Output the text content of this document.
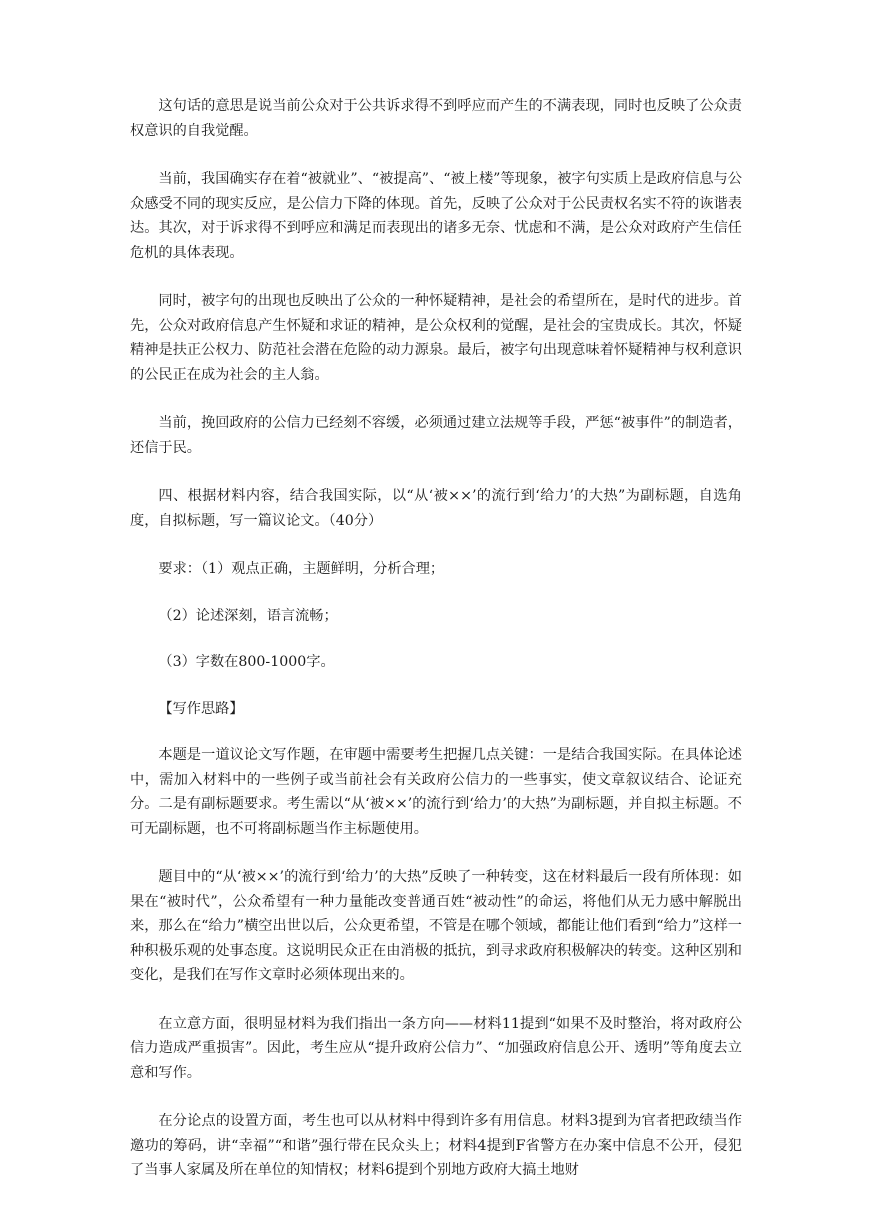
这句话的意思是说当前公众对于公共诉求得不到呼应而产生的不满表现，同时也反映了公众责权意识的自我觉醒。

当前，我国确实存在着“被就业”、“被提高”、“被上楼”等现象，被字句实质上是政府信息与公众感受不同的现实反应，是公信力下降的体现。首先，反映了公众对于公民责权名实不符的诙谐表达。其次，对于诉求得不到呼应和满足而表现出的诸多无奈、忧虑和不满，是公众对政府产生信任危机的具体表现。

同时，被字句的出现也反映出了公众的一种怀疑精神，是社会的希望所在，是时代的进步。首先，公众对政府信息产生怀疑和求证的精神，是公众权利的觉醒，是社会的宝贵成长。其次，怀疑精神是扶正公权力、防范社会潜在危险的动力源泉。最后，被字句出现意味着怀疑精神与权利意识的公民正在成为社会的主人翁。

当前，挽回政府的公信力已经刻不容缓，必须通过建立法规等手段，严惩“被事件”的制造者，还信于民。

四、根据材料内容，结合我国实际，以“从‘被××’的流行到‘给力’的大热”为副标题，自选角度，自拟标题，写一篇议论文。（40分）

要求：（1）观点正确，主题鲜明，分析合理；

（2）论述深刻，语言流畅；

（3）字数在800-1000字。

【写作思路】

本题是一道议论文写作题，在审题中需要考生把握几点关键：一是结合我国实际。在具体论述中，需加入材料中的一些例子或当前社会有关政府公信力的一些事实，使文章叙议结合、论证充分。二是有副标题要求。考生需以“从‘被××’的流行到‘给力’的大热”为副标题，并自拟主标题。不可无副标题，也不可将副标题当作主标题使用。

题目中的“从‘被××’的流行到‘给力’的大热”反映了一种转变，这在材料最后一段有所体现：如果在“被时代”，公众希望有一种力量能改变普通百姓“被动性”的命运，将他们从无力感中解脱出来，那么在“给力”横空出世以后，公众更希望，不管是在哪个领域，都能让他们看到“给力”这样一种积极乐观的处事态度。这说明民众正在由消极的抵抗，到寻求政府积极解决的转变。这种区别和变化，是我们在写作文章时必须体现出来的。

在立意方面，很明显材料为我们指出一条方向——材料11提到“如果不及时整治，将对政府公信力造成严重损害”。因此，考生应从“提升政府公信力”、“加强政府信息公开、透明”等角度去立意和写作。

在分论点的设置方面，考生也可以从材料中得到许多有用信息。材料3提到为官者把政绩当作邀功的筹码，讲“幸福”“和谐”强行带在民众头上；材料4提到F省警方在办案中信息不公开，侵犯了当事人家属及所在单位的知情权；材料6提到个别地方政府大搞土地财
